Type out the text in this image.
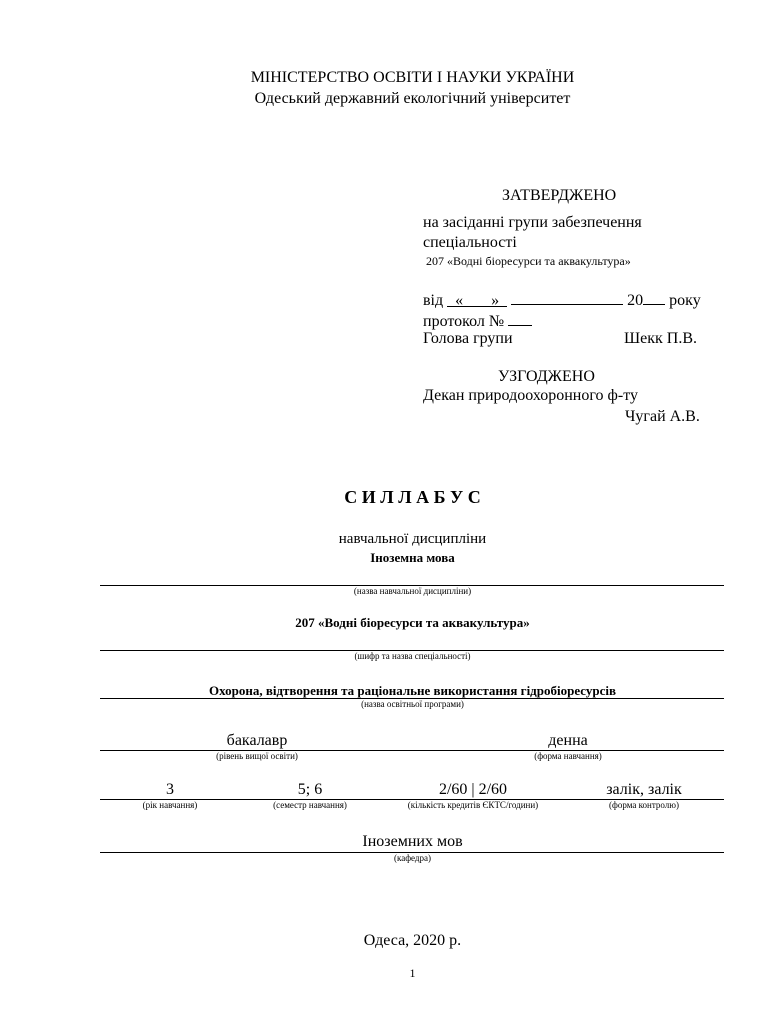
МІНІСТЕРСТВО ОСВІТИ І НАУКИ УКРАЇНИ
Одеський державний екологічний університет
ЗАТВЕРДЖЕНО
на засіданні групи забезпечення
спеціальності
207 «Водні біоресурси та аквакультура»
від « »	20 року
протокол №
Голова групи	Шекк П.В.
УЗГОДЖЕНО
Декан природоохоронного ф-ту
Чугай А.В.
С И Л Л А Б У С
навчальної дисципліни
Іноземна мова
(назва навчальної дисципліни)
207 «Водні біоресурси та аквакультура»
(шифр та назва спеціальності)
Охорона, відтворення та раціональне використання гідробіоресурсів
(назва освітньої програми)
бакалавр
(рівень вищої освіти)
денна
(форма навчання)
3
(рік навчання)
5; 6
(семестр навчання)
2/60 | 2/60
(кількість кредитів ЄКТС/години)
залік, залік
(форма контролю)
Іноземних мов
(кафедра)
Одеса, 2020 р.
1
